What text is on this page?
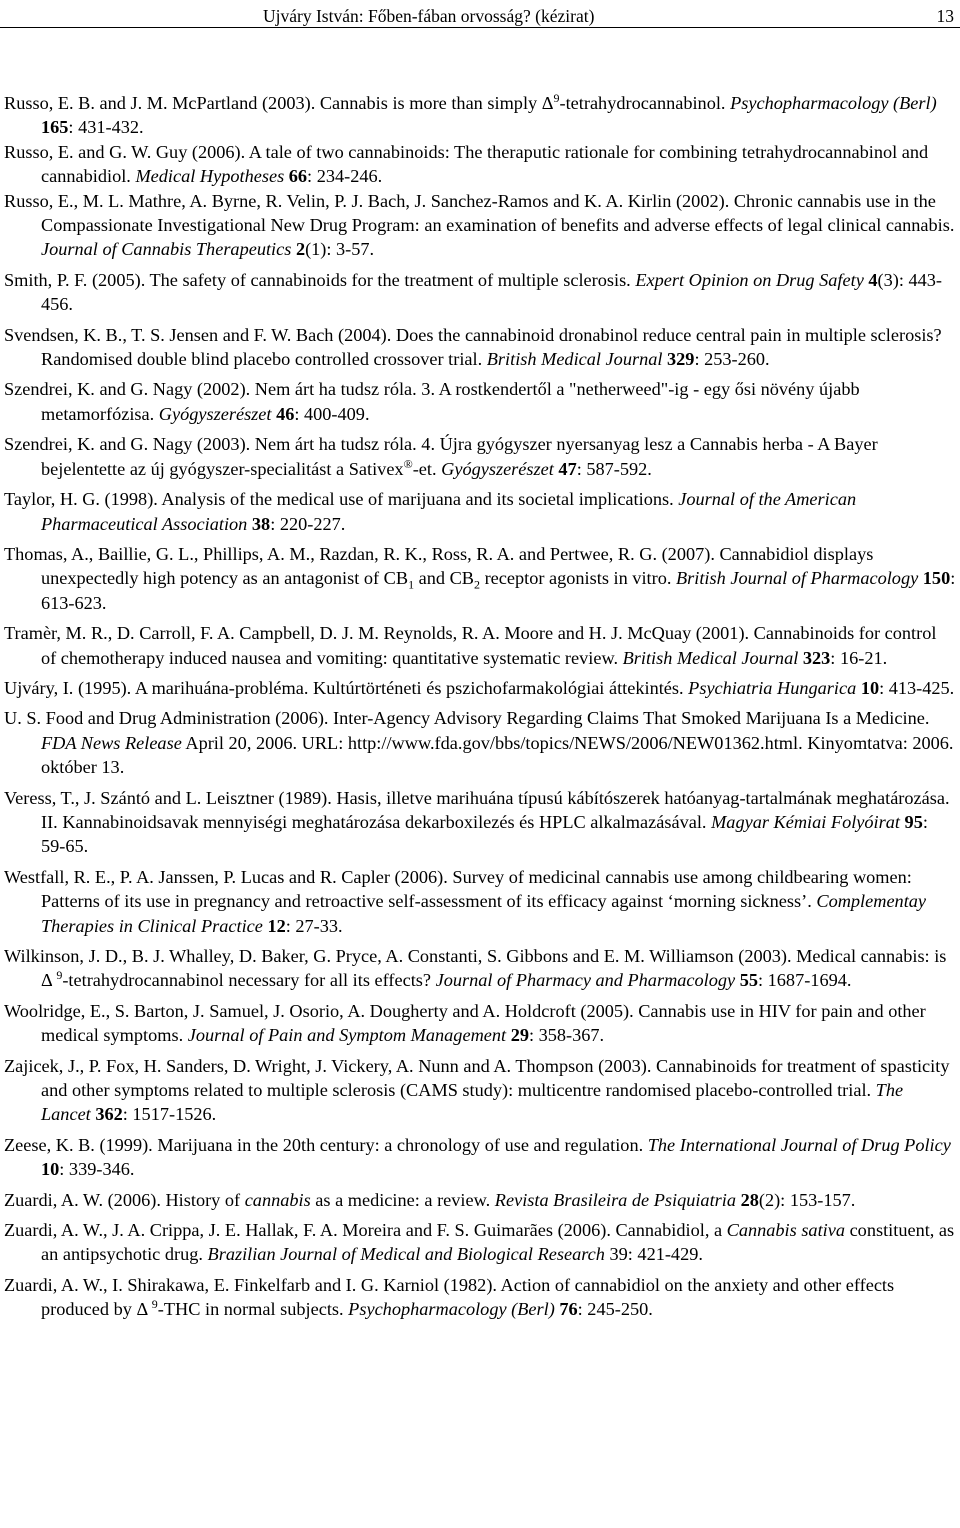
Ujváry István: Főben-fában orvosság? (kézirat)	13
Russo, E. B. and J. M. McPartland (2003). Cannabis is more than simply $\Delta^9$-tetrahydrocannabinol. Psychopharmacology (Berl) 165: 431-432.
Russo, E. and G. W. Guy (2006). A tale of two cannabinoids: The theraputic rationale for combining tetrahydrocannabinol and cannabidiol. Medical Hypotheses 66: 234-246.
Russo, E., M. L. Mathre, A. Byrne, R. Velin, P. J. Bach, J. Sanchez-Ramos and K. A. Kirlin (2002). Chronic cannabis use in the Compassionate Investigational New Drug Program: an examination of benefits and adverse effects of legal clinical cannabis. Journal of Cannabis Therapeutics 2(1): 3-57.
Smith, P. F. (2005). The safety of cannabinoids for the treatment of multiple sclerosis. Expert Opinion on Drug Safety 4(3): 443-456.
Svendsen, K. B., T. S. Jensen and F. W. Bach (2004). Does the cannabinoid dronabinol reduce central pain in multiple sclerosis? Randomised double blind placebo controlled crossover trial. British Medical Journal 329: 253-260.
Szendrei, K. and G. Nagy (2002). Nem árt ha tudsz róla. 3. A rostkendertől a "netherweed"-ig - egy ősi növény újabb metamorfózisa. Gyógyszerészet 46: 400-409.
Szendrei, K. and G. Nagy (2003). Nem árt ha tudsz róla. 4. Újra gyógyszer nyersanyag lesz a Cannabis herba - A Bayer bejelentette az új gyógyszer-specialitást a Sativex®-et. Gyógyszerészet 47: 587-592.
Taylor, H. G. (1998). Analysis of the medical use of marijuana and its societal implications. Journal of the American Pharmaceutical Association 38: 220-227.
Thomas, A., Baillie, G. L., Phillips, A. M., Razdan, R. K., Ross, R. A. and Pertwee, R. G. (2007). Cannabidiol displays unexpectedly high potency as an antagonist of $CB_1$ and $CB_2$ receptor agonists in vitro. British Journal of Pharmacology 150: 613-623.
Tramèr, M. R., D. Carroll, F. A. Campbell, D. J. M. Reynolds, R. A. Moore and H. J. McQuay (2001). Cannabinoids for control of chemotherapy induced nausea and vomiting: quantitative systematic review. British Medical Journal 323: 16-21.
Ujváry, I. (1995). A marihuána-probléma. Kultúrtörténeti és pszichofarmakológiai áttekintés. Psychiatria Hungarica 10: 413-425.
U. S. Food and Drug Administration (2006). Inter-Agency Advisory Regarding Claims That Smoked Marijuana Is a Medicine. FDA News Release April 20, 2006. URL: http://www.fda.gov/bbs/topics/NEWS/2006/NEW01362.html. Kinyomtatva: 2006. október 13.
Veress, T., J. Szántó and L. Leisztner (1989). Hasis, illetve marihuána típusú kábítószerek hatóanyag-tartalmának meghatározása. II. Kannabinoidsavak mennyiségi meghatározása dekarboxilezés és HPLC alkalmazásával. Magyar Kémiai Folyóirat 95: 59-65.
Westfall, R. E., P. A. Janssen, P. Lucas and R. Capler (2006). Survey of medicinal cannabis use among childbearing women: Patterns of its use in pregnancy and retroactive self-assessment of its efficacy against ‘morning sickness’. Complementay Therapies in Clinical Practice 12: 27-33.
Wilkinson, J. D., B. J. Whalley, D. Baker, G. Pryce, A. Constanti, S. Gibbons and E. M. Williamson (2003). Medical cannabis: is Δ $^9$-tetrahydrocannabinol necessary for all its effects? Journal of Pharmacy and Pharmacology 55: 1687-1694.
Woolridge, E., S. Barton, J. Samuel, J. Osorio, A. Dougherty and A. Holdcroft (2005). Cannabis use in HIV for pain and other medical symptoms. Journal of Pain and Symptom Management 29: 358-367.
Zajicek, J., P. Fox, H. Sanders, D. Wright, J. Vickery, A. Nunn and A. Thompson (2003). Cannabinoids for treatment of spasticity and other symptoms related to multiple sclerosis (CAMS study): multicentre randomised placebo-controlled trial. The Lancet 362: 1517-1526.
Zeese, K. B. (1999). Marijuana in the 20th century: a chronology of use and regulation. The International Journal of Drug Policy 10: 339-346.
Zuardi, A. W. (2006). History of cannabis as a medicine: a review. Revista Brasileira de Psiquiatria 28(2): 153-157.
Zuardi, A. W., J. A. Crippa, J. E. Hallak, F. A. Moreira and F. S. Guimarães (2006). Cannabidiol, a Cannabis sativa constituent, as an antipsychotic drug. Brazilian Journal of Medical and Biological Research 39: 421-429.
Zuardi, A. W., I. Shirakawa, E. Finkelfarb and I. G. Karniol (1982). Action of cannabidiol on the anxiety and other effects produced by Δ $^9$-THC in normal subjects. Psychopharmacology (Berl) 76: 245-250.
